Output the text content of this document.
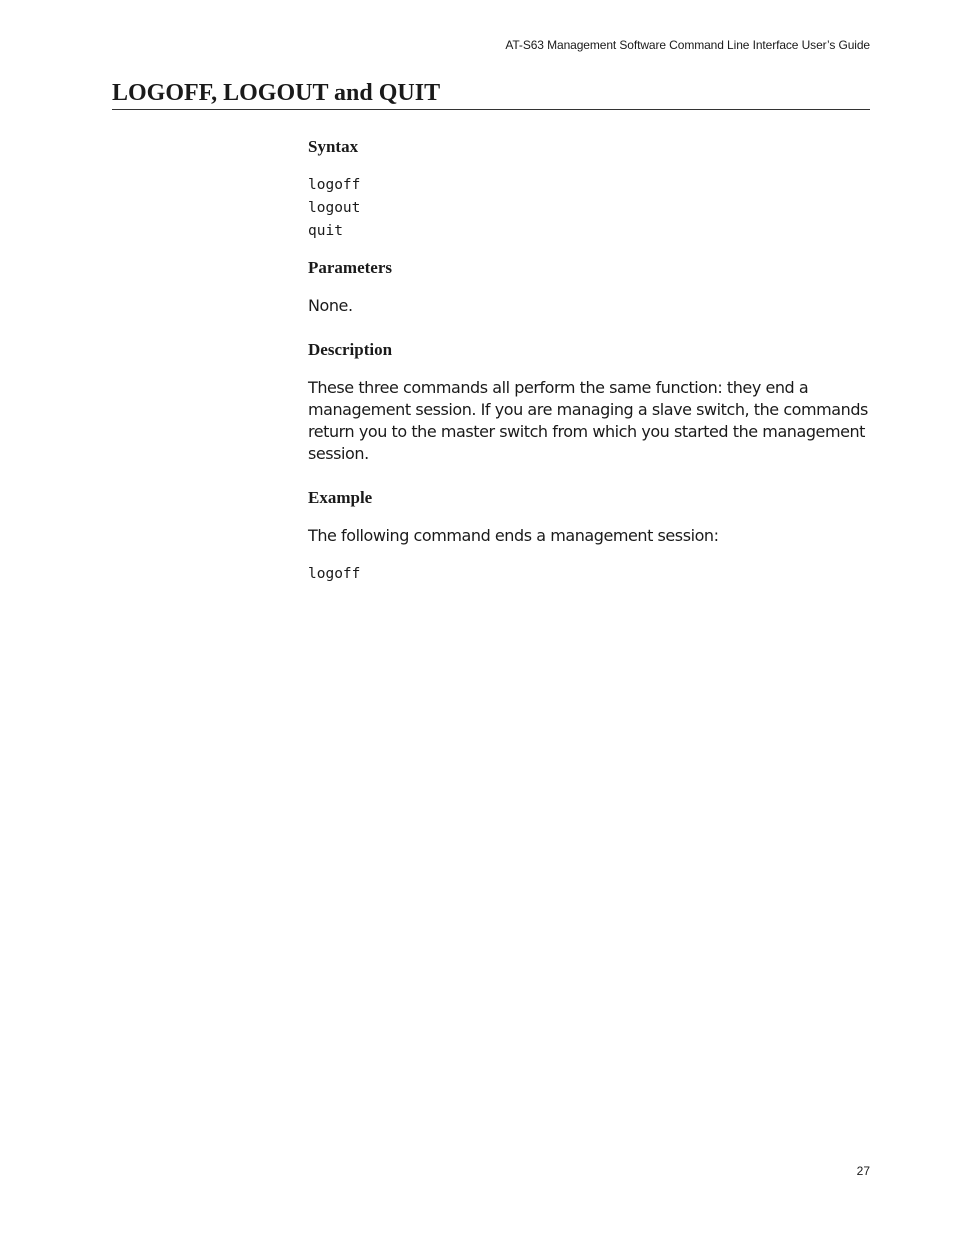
AT-S63 Management Software Command Line Interface User’s Guide
LOGOFF, LOGOUT and QUIT
Syntax
logoff
logout
quit
Parameters

None.

Description

These three commands all perform the same function: they end a management session. If you are managing a slave switch, the commands return you to the master switch from which you started the management session.

Example

The following command ends a management session:

logoff
27
